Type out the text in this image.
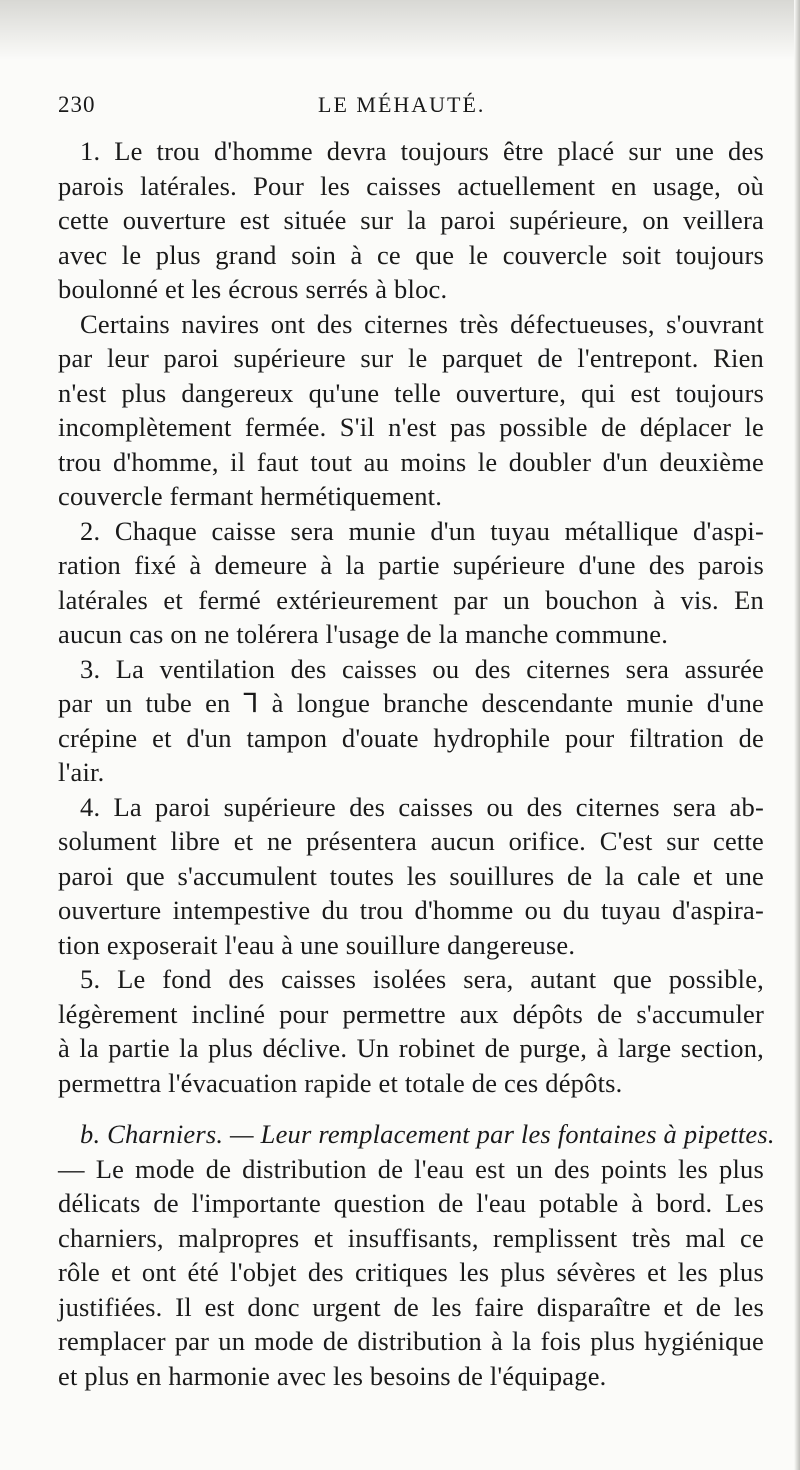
230	LE MÉHAUTÉ.
1. Le trou d'homme devra toujours être placé sur une des
parois latérales. Pour les caisses actuellement en usage, où
cette ouverture est située sur la paroi supérieure, on veillera
avec le plus grand soin à ce que le couvercle soit toujours
boulonné et les écrous serrés à bloc.
Certains navires ont des citernes très défectueuses, s'ouvrant
par leur paroi supérieure sur le parquet de l'entrepont. Rien
n'est plus dangereux qu'une telle ouverture, qui est toujours
incomplètement fermée. S'il n'est pas possible de déplacer le
trou d'homme, il faut tout au moins le doubler d'un deuxième
couvercle fermant hermétiquement.
2. Chaque caisse sera munie d'un tuyau métallique d'aspi-
ration fixé à demeure à la partie supérieure d'une des parois
latérales et fermé extérieurement par un bouchon à vis. En
aucun cas on ne tolérera l'usage de la manche commune.
3. La ventilation des caisses ou des citernes sera assurée
par un tube en ⅂ à longue branche descendante munie d'une
crépine et d'un tampon d'ouate hydrophile pour filtration de
l'air.
4. La paroi supérieure des caisses ou des citernes sera ab-
solument libre et ne présentera aucun orifice. C'est sur cette
paroi que s'accumulent toutes les souillures de la cale et une
ouverture intempestive du trou d'homme ou du tuyau d'aspira-
tion exposerait l'eau à une souillure dangereuse.
5. Le fond des caisses isolées sera, autant que possible,
légèrement incliné pour permettre aux dépôts de s'accumuler
à la partie la plus déclive. Un robinet de purge, à large section,
permettra l'évacuation rapide et totale de ces dépôts.
b. Charniers. — Leur remplacement par les fontaines à pipettes.
— Le mode de distribution de l'eau est un des points les plus
délicats de l'importante question de l'eau potable à bord. Les
charniers, malpropres et insuffisants, remplissent très mal ce
rôle et ont été l'objet des critiques les plus sévères et les plus
justifiées. Il est donc urgent de les faire disparaître et de les
remplacer par un mode de distribution à la fois plus hygiénique
et plus en harmonie avec les besoins de l'équipage.
